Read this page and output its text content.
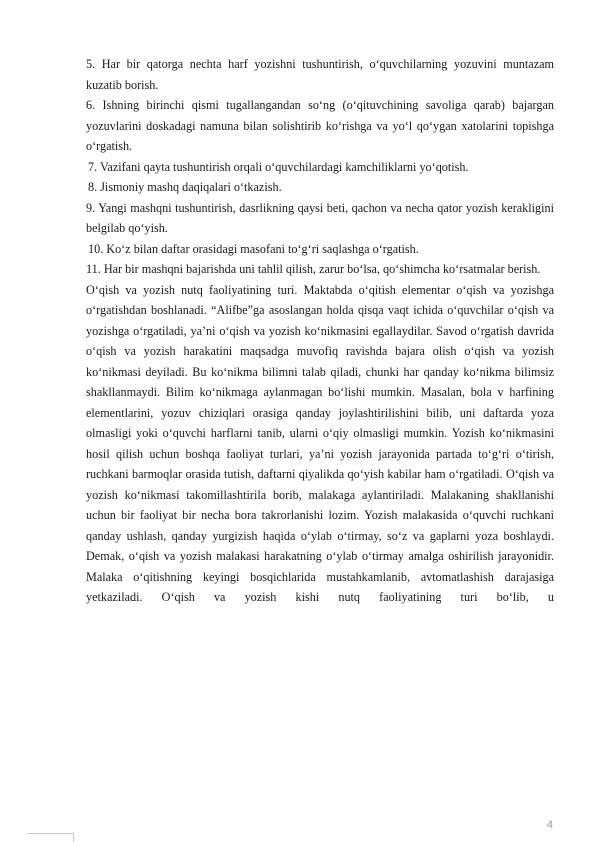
5. Har bir qatorga nechta harf yozishni tushuntirish, o‘quvchilarning yozuvini muntazam kuzatib borish.

6. Ishning birinchi qismi tugallangandan so‘ng (o‘qituvchining savoliga qarab) bajargan yozuvlarini doskadagi namuna bilan solishtirib ko‘rishga va yo‘l qo‘ygan xatolarini topishga o‘rgatish.

7. Vazifani qayta tushuntirish orqali o‘quvchilardagi kamchiliklarni yo‘qotish.

8. Jismoniy mashq daqiqalari o‘tkazish.

9. Yangi mashqni tushuntirish, dasrlikning qaysi beti, qachon va necha qator yozish kerakligini belgilab qo‘yish.

10. Ko‘z bilan daftar orasidagi masofani to‘g‘ri saqlashga o‘rgatish.

11. Har bir mashqni bajarishda uni tahlil qilish, zarur bo‘lsa, qo‘shimcha ko‘rsatmalar berish.

O‘qish va yozish nutq faoliyatining turi. Maktabda o‘qitish elementar o‘qish va yozishga o‘rgatishdan boshlanadi. “Alifbe”ga asoslangan holda qisqa vaqt ichida o‘quvchilar o‘qish va yozishga o‘rgatiladi, ya’ni o‘qish va yozish ko‘nikmasini egallaydilar. Savod o‘rgatish davrida o‘qish va yozish harakatini maqsadga muvofiq ravishda bajara olish o‘qish va yozish ko‘nikmasi deyiladi. Bu ko‘nikma bilimni talab qiladi, chunki har qanday ko‘nikma bilimsiz shakllanmaydi. Bilim ko‘nikmaga aylanmagan bo‘lishi mumkin. Masalan, bola v harfining elementlarini, yozuv chiziqlari orasiga qanday joylashtirilishini bilib, uni daftarda yoza olmasligi yoki o‘quvchi harflarni tanib, ularni o‘qiy olmasligi mumkin. Yozish ko‘nikmasini hosil qilish uchun boshqa faoliyat turlari, ya’ni yozish jarayonida partada to‘g‘ri o‘tirish, ruchkani barmoqlar orasida tutish, daftarni qiyalikda qo‘yish kabilar ham o‘rgatiladi. O‘qish va yozish ko‘nikmasi takomillashtirila borib, malakaga aylantiriladi. Malakaning shakllanishi uchun bir faoliyat bir necha bora takrorlanishi lozim. Yozish malakasida o‘quvchi ruchkani qanday ushlash, qanday yurgizish haqida o‘ylab o‘tirmay, so‘z va gaplarni yoza boshlaydi. Demak, o‘qish va yozish malakasi harakatning o‘ylab o‘tirmay amalga oshirilish jarayonidir. Malaka o‘qitishning keyingi bosqichlarida mustahkamlanib, avtomatlashish darajasiga yetkaziladi. O‘qish va yozish kishi nutq faoliyatining turi bo‘lib, u

4
